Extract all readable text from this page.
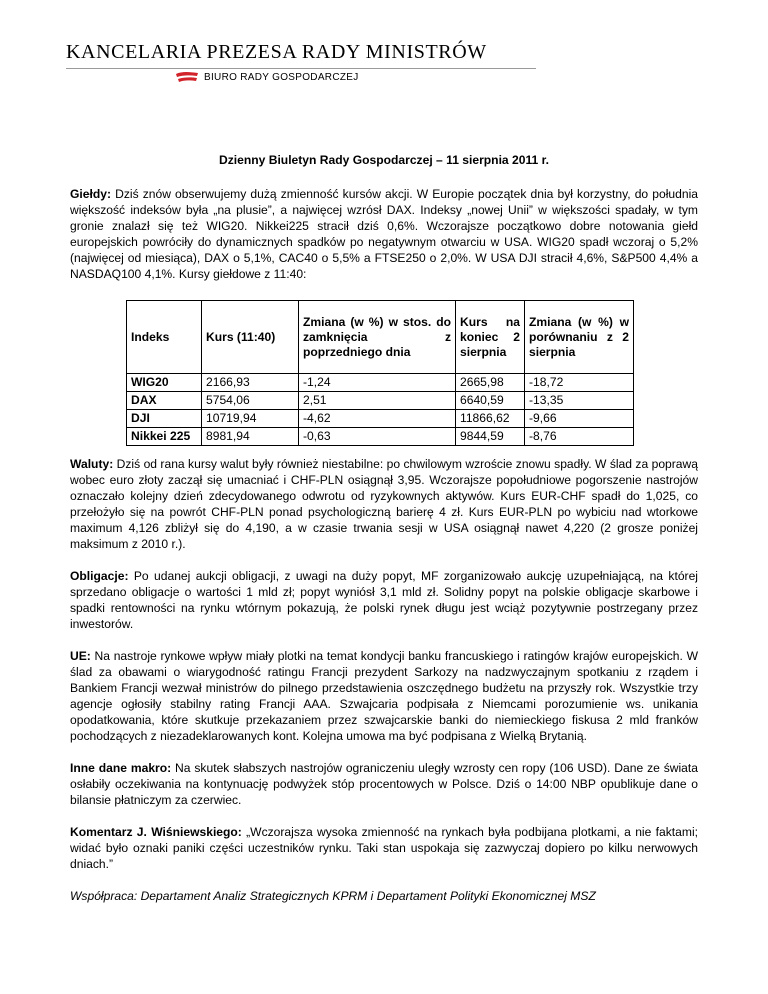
KANCELARIA PREZESA RADY MINISTRÓW
BIURO RADY GOSPODARCZEJ
Dzienny Biuletyn Rady Gospodarczej – 11 sierpnia 2011 r.

Giełdy: Dziś znów obserwujemy dużą zmienność kursów akcji. W Europie początek dnia był korzystny, do południa większość indeksów była „na plusie”, a najwięcej wzrósł DAX. Indeksy „nowej Unii” w większości spadały, w tym gronie znalazł się też WIG20. Nikkei225 stracił dziś 0,6%. Wczorajsze początkowo dobre notowania giełd europejskich powróciły do dynamicznych spadków po negatywnym otwarciu w USA. WIG20 spadł wczoraj o 5,2% (najwięcej od miesiąca), DAX o 5,1%, CAC40 o 5,5% a FTSE250 o 2,0%. W USA DJI stracił 4,6%, S&P500 4,4% a NASDAQ100 4,1%. Kursy giełdowe z 11:40:

Indeks	Kurs (11:40)	Zmiana (w %) w stos. do zamknięcia z poprzedniego dnia	Kurs na koniec 2 sierpnia	Zmiana (w %) w porównaniu z 2 sierpnia
WIG20	2166,93	-1,24	2665,98	-18,72
DAX	5754,06	2,51	6640,59	-13,35
DJI	10719,94	-4,62	11866,62	-9,66
Nikkei 225	8981,94	-0,63	9844,59	-8,76

Waluty: Dziś od rana kursy walut były również niestabilne: po chwilowym wzroście znowu spadły. W ślad za poprawą wobec euro złoty zaczął się umacniać i CHF-PLN osiągnął 3,95. Wczorajsze popołudniowe pogorszenie nastrojów oznaczało kolejny dzień zdecydowanego odwrotu od ryzykownych aktywów. Kurs EUR-CHF spadł do 1,025, co przełożyło się na powrót CHF-PLN ponad psychologiczną barierę 4 zł. Kurs EUR-PLN po wybiciu nad wtorkowe maximum 4,126 zbliżył się do 4,190, a w czasie trwania sesji w USA osiągnął nawet 4,220 (2 grosze poniżej maksimum z 2010 r.).

Obligacje: Po udanej aukcji obligacji, z uwagi na duży popyt, MF zorganizowało aukcję uzupełniającą, na której sprzedano obligacje o wartości 1 mld zł; popyt wyniósł 3,1 mld zł. Solidny popyt na polskie obligacje skarbowe i spadki rentowności na rynku wtórnym pokazują, że polski rynek długu jest wciąż pozytywnie postrzegany przez inwestorów.

UE: Na nastroje rynkowe wpływ miały plotki na temat kondycji banku francuskiego i ratingów krajów europejskich. W ślad za obawami o wiarygodność ratingu Francji prezydent Sarkozy na nadzwyczajnym spotkaniu z rządem i Bankiem Francji wezwał ministrów do pilnego przedstawienia oszczędnego budżetu na przyszły rok. Wszystkie trzy agencje ogłosiły stabilny rating Francji AAA. Szwajcaria podpisała z Niemcami porozumienie ws. unikania opodatkowania, które skutkuje przekazaniem przez szwajcarskie banki do niemieckiego fiskusa 2 mld franków pochodzących z niezadeklarowanych kont. Kolejna umowa ma być podpisana z Wielką Brytanią.

Inne dane makro: Na skutek słabszych nastrojów ograniczeniu uległy wzrosty cen ropy (106 USD). Dane ze świata osłabiły oczekiwania na kontynuację podwyżek stóp procentowych w Polsce. Dziś o 14:00 NBP opublikuje dane o bilansie płatniczym za czerwiec.

Komentarz J. Wiśniewskiego: „Wczorajsza wysoka zmienność na rynkach była podbijana plotkami, a nie faktami; widać było oznaki paniki części uczestników rynku. Taki stan uspokaja się zazwyczaj dopiero po kilku nerwowych dniach.”

Współpraca: Departament Analiz Strategicznych KPRM i Departament Polityki Ekonomicznej MSZ
